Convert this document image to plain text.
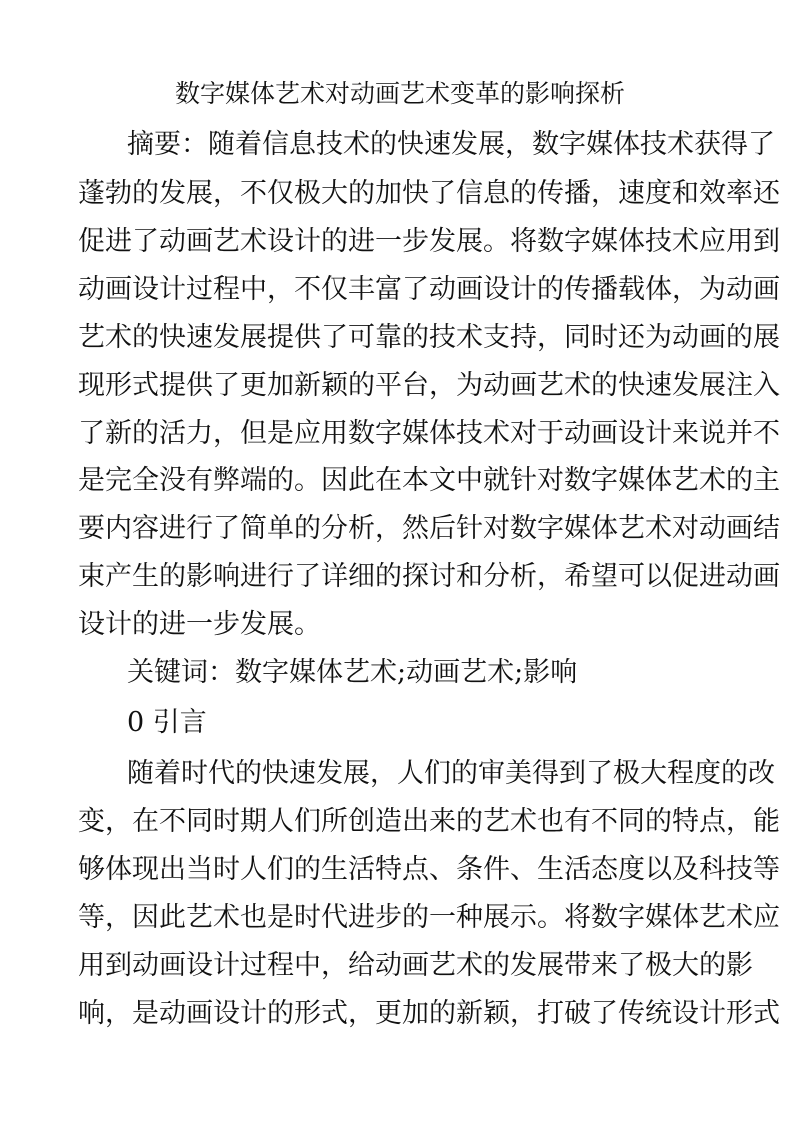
数字媒体艺术对动画艺术变革的影响探析

摘要：随着信息技术的快速发展，数字媒体技术获得了

蓬勃的发展，不仅极大的加快了信息的传播，速度和效率还

促进了动画艺术设计的进一步发展。将数字媒体技术应用到

动画设计过程中，不仅丰富了动画设计的传播载体，为动画

艺术的快速发展提供了可靠的技术支持，同时还为动画的展

现形式提供了更加新颖的平台，为动画艺术的快速发展注入

了新的活力，但是应用数字媒体技术对于动画设计来说并不

是完全没有弊端的。因此在本文中就针对数字媒体艺术的主

要内容进行了简单的分析，然后针对数字媒体艺术对动画结

束产生的影响进行了详细的探讨和分析，希望可以促进动画

设计的进一步发展。

关键词：数字媒体艺术;动画艺术;影响

0 引言

随着时代的快速发展，人们的审美得到了极大程度的改

变，在不同时期人们所创造出来的艺术也有不同的特点，能

够体现出当时人们的生活特点、条件、生活态度以及科技等

等，因此艺术也是时代进步的一种展示。将数字媒体艺术应

用到动画设计过程中，给动画艺术的发展带来了极大的影

响，是动画设计的形式，更加的新颖，打破了传统设计形式
